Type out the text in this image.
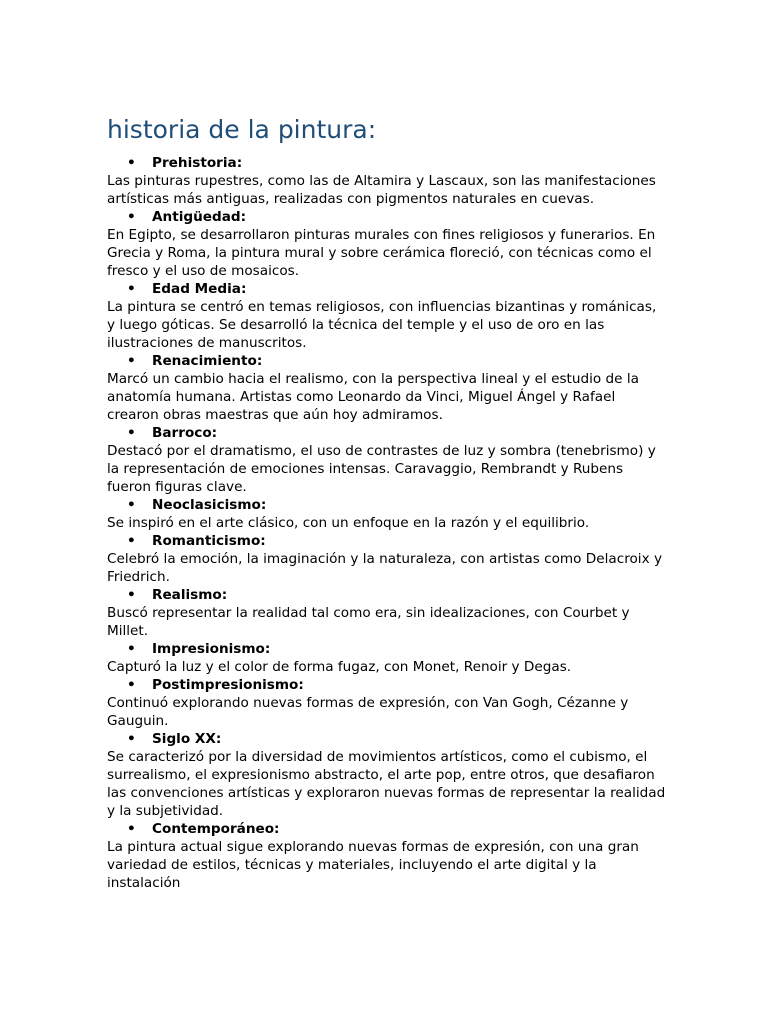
historia de la pintura:
• Prehistoria:

Las pinturas rupestres, como las de Altamira y Lascaux, son las manifestaciones artísticas más antiguas, realizadas con pigmentos naturales en cuevas.

• Antigüedad:

En Egipto, se desarrollaron pinturas murales con fines religiosos y funerarios. En Grecia y Roma, la pintura mural y sobre cerámica floreció, con técnicas como el fresco y el uso de mosaicos.

• Edad Media:

La pintura se centró en temas religiosos, con influencias bizantinas y románicas, y luego góticas. Se desarrolló la técnica del temple y el uso de oro en las ilustraciones de manuscritos.

• Renacimiento:

Marcó un cambio hacia el realismo, con la perspectiva lineal y el estudio de la anatomía humana. Artistas como Leonardo da Vinci, Miguel Ángel y Rafael crearon obras maestras que aún hoy admiramos.

• Barroco:

Destacó por el dramatismo, el uso de contrastes de luz y sombra (tenebrismo) y la representación de emociones intensas. Caravaggio, Rembrandt y Rubens fueron figuras clave.

• Neoclasicismo:

Se inspiró en el arte clásico, con un enfoque en la razón y el equilibrio.

• Romanticismo:

Celebró la emoción, la imaginación y la naturaleza, con artistas como Delacroix y Friedrich.

• Realismo:

Buscó representar la realidad tal como era, sin idealizaciones, con Courbet y Millet.

• Impresionismo:

Capturó la luz y el color de forma fugaz, con Monet, Renoir y Degas.

• Postimpresionismo:

Continuó explorando nuevas formas de expresión, con Van Gogh, Cézanne y Gauguin.

• Siglo XX:

Se caracterizó por la diversidad de movimientos artísticos, como el cubismo, el surrealismo, el expresionismo abstracto, el arte pop, entre otros, que desafiaron las convenciones artísticas y exploraron nuevas formas de representar la realidad y la subjetividad.

• Contemporáneo:

La pintura actual sigue explorando nuevas formas de expresión, con una gran variedad de estilos, técnicas y materiales, incluyendo el arte digital y la instalación
